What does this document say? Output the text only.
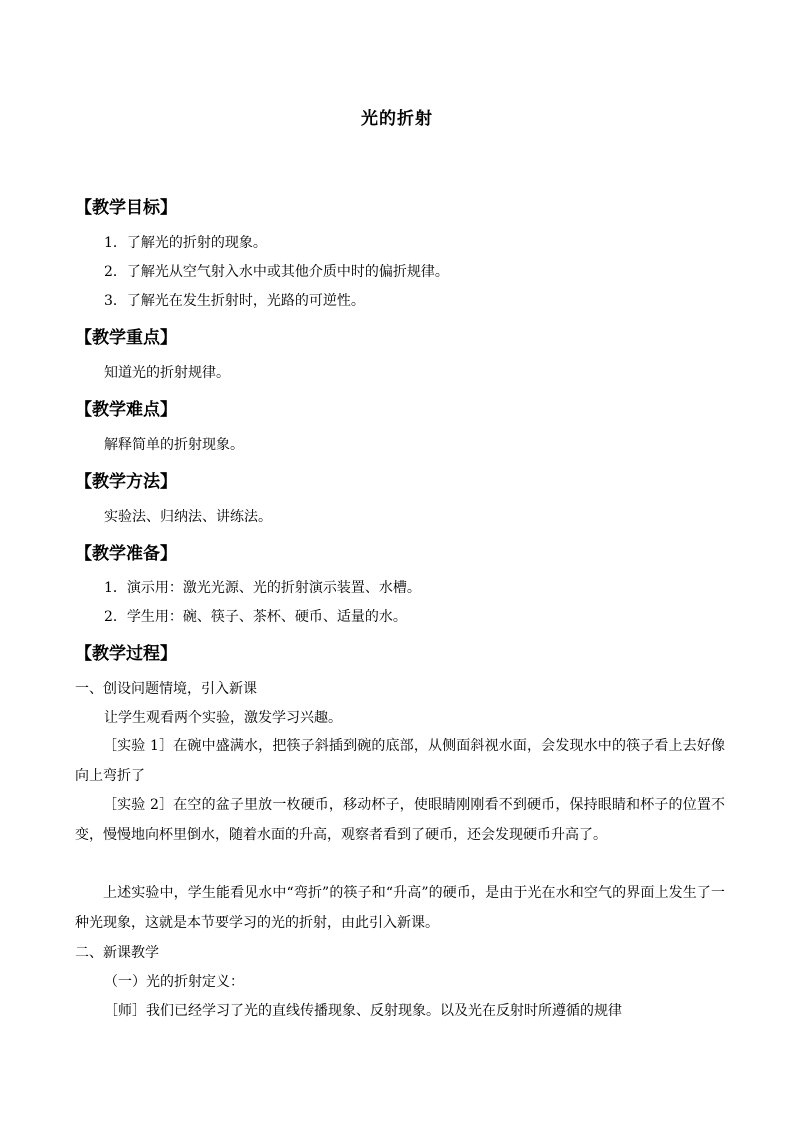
光的折射
【教学目标】
1．了解光的折射的现象。
2．了解光从空气射入水中或其他介质中时的偏折规律。
3．了解光在发生折射时，光路的可逆性。
【教学重点】
知道光的折射规律。
【教学难点】
解释简单的折射现象。
【教学方法】
实验法、归纳法、讲练法。
【教学准备】
1．演示用：激光光源、光的折射演示装置、水槽。
2．学生用：碗、筷子、茶杯、硬币、适量的水。
【教学过程】
一、创设问题情境，引入新课
让学生观看两个实验，激发学习兴趣。
［实验 1］在碗中盛满水，把筷子斜插到碗的底部，从侧面斜视水面，会发现水中的筷子看上去好像向上弯折了
［实验 2］在空的盆子里放一枚硬币，移动杯子，使眼睛刚刚看不到硬币，保持眼睛和杯子的位置不变，慢慢地向杯里倒水，随着水面的升高，观察者看到了硬币，还会发现硬币升高了。
上述实验中，学生能看见水中“弯折”的筷子和“升高”的硬币，是由于光在水和空气的界面上发生了一种光现象，这就是本节要学习的光的折射，由此引入新课。
二、新课教学
（一）光的折射定义：
［师］我们已经学习了光的直线传播现象、反射现象。以及光在反射时所遵循的规律
